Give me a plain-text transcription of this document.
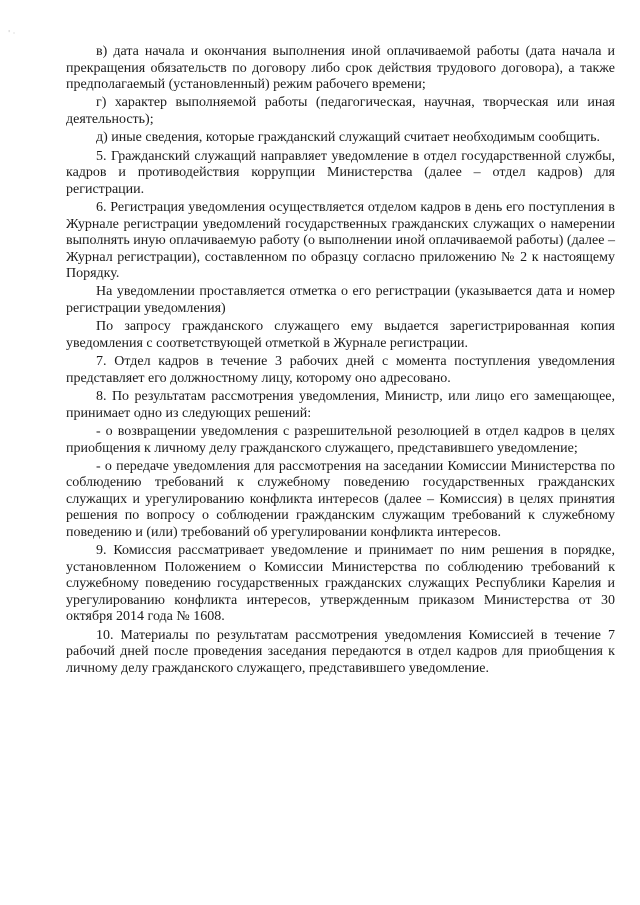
' ·

в) дата начала и окончания выполнения иной оплачиваемой работы (дата начала и прекращения обязательств по договору либо срок действия трудового договора), а также предполагаемый (установленный) режим рабочего времени;

г) характер выполняемой работы (педагогическая, научная, творческая или иная деятельность);

д) иные сведения, которые гражданский служащий считает необходимым сообщить.

5. Гражданский служащий направляет уведомление в отдел государственной службы, кадров и противодействия коррупции Министерства (далее – отдел кадров) для регистрации.

6. Регистрация уведомления осуществляется отделом кадров в день его поступления в Журнале регистрации уведомлений государственных гражданских служащих о намерении выполнять иную оплачиваемую работу (о выполнении иной оплачиваемой работы) (далее – Журнал регистрации), составленном по образцу согласно приложению № 2 к настоящему Порядку.

На уведомлении проставляется отметка о его регистрации (указывается дата и номер регистрации уведомления)

По запросу гражданского служащего ему выдается зарегистрированная копия уведомления с соответствующей отметкой в Журнале регистрации.

7. Отдел кадров в течение 3 рабочих дней с момента поступления уведомления представляет его должностному лицу, которому оно адресовано.

8. По результатам рассмотрения уведомления, Министр, или лицо его замещающее, принимает одно из следующих решений:

- о возвращении уведомления с разрешительной резолюцией в отдел кадров в целях приобщения к личному делу гражданского служащего, представившего уведомление;

- о передаче уведомления для рассмотрения на заседании Комиссии Министерства по соблюдению требований к служебному поведению государственных гражданских служащих и урегулированию конфликта интересов (далее – Комиссия) в целях принятия решения по вопросу о соблюдении гражданским служащим требований к служебному поведению и (или) требований об урегулировании конфликта интересов.

9. Комиссия рассматривает уведомление и принимает по ним решения в порядке, установленном Положением о Комиссии Министерства по соблюдению требований к служебному поведению государственных гражданских служащих Республики Карелия и урегулированию конфликта интересов, утвержденным приказом Министерства от 30 октября 2014 года № 1608.

10. Материалы по результатам рассмотрения уведомления Комиссией в течение 7 рабочий дней после проведения заседания передаются в отдел кадров для приобщения к личному делу гражданского служащего, представившего уведомление.
